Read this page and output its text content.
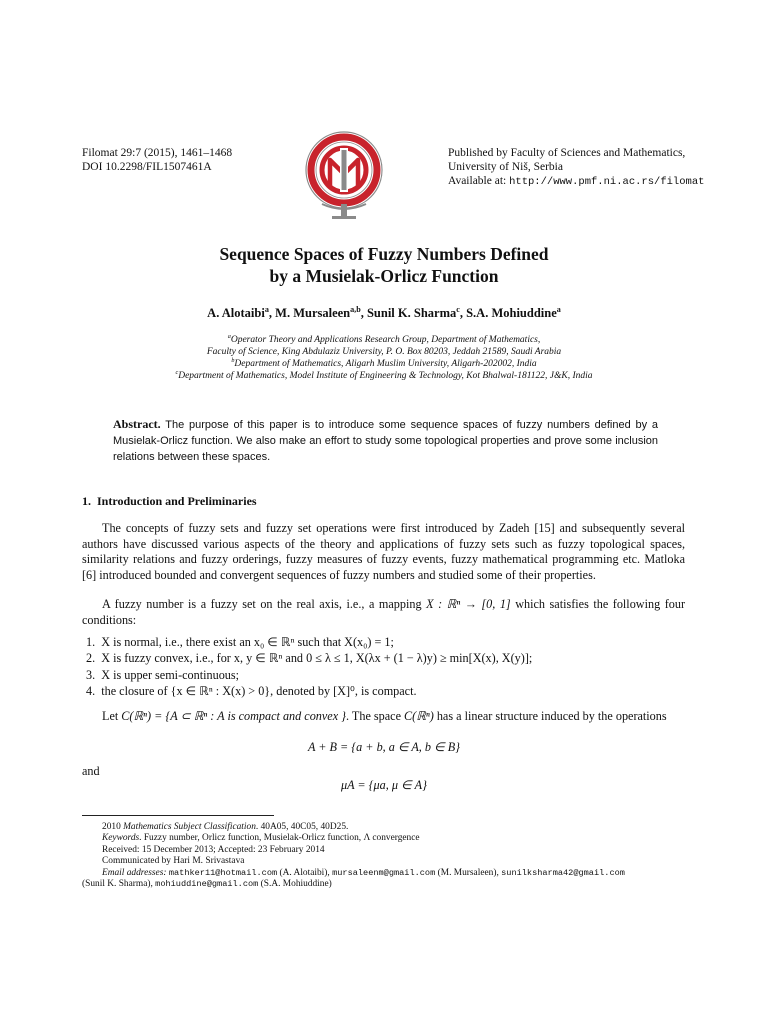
Filomat 29:7 (2015), 1461–1468
DOI 10.2298/FIL1507461A
Published by Faculty of Sciences and Mathematics,
University of Niš, Serbia
Available at: http://www.pmf.ni.ac.rs/filomat
Sequence Spaces of Fuzzy Numbers Defined
by a Musielak-Orlicz Function
A. Alotaibi$^a$, M. Mursaleen$^{a,b}$, Sunil K. Sharma$^c$, S.A. Mohiuddine$^a$
$^a$Operator Theory and Applications Research Group, Department of Mathematics,
Faculty of Science, King Abdulaziz University, P. O. Box 80203, Jeddah 21589, Saudi Arabia
$^b$Department of Mathematics, Aligarh Muslim University, Aligarh-202002, India
$^c$Department of Mathematics, Model Institute of Engineering & Technology, Kot Bhalwal-181122, J&K, India
Abstract. The purpose of this paper is to introduce some sequence spaces of fuzzy numbers defined by a Musielak-Orlicz function. We also make an effort to study some topological properties and prove some inclusion relations between these spaces.
1. Introduction and Preliminaries
The concepts of fuzzy sets and fuzzy set operations were first introduced by Zadeh [15] and subsequently several authors have discussed various aspects of the theory and applications of fuzzy sets such as fuzzy topological spaces, similarity relations and fuzzy orderings, fuzzy measures of fuzzy events, fuzzy mathematical programming etc. Matloka [6] introduced bounded and convergent sequences of fuzzy numbers and studied some of their properties.
A fuzzy number is a fuzzy set on the real axis, i.e., a mapping X : ℝⁿ → [0, 1] which satisfies the following four conditions:
1. X is normal, i.e., there exist an x₀ ∈ ℝⁿ such that X(x₀) = 1;
2. X is fuzzy convex, i.e., for x, y ∈ ℝⁿ and 0 ≤ λ ≤ 1, X(λx + (1 − λ)y) ≥ min[X(x), X(y)];
3. X is upper semi-continuous;
4. the closure of {x ∈ ℝⁿ : X(x) > 0}, denoted by [X]⁰, is compact.
Let C(ℝⁿ) = {A ⊂ ℝⁿ : A is compact and convex }. The space C(ℝⁿ) has a linear structure induced by the operations
A + B = {a + b, a ∈ A, b ∈ B}
and
μA = {μa, μ ∈ A}
2010 Mathematics Subject Classification. 40A05, 40C05, 40D25.
Keywords. Fuzzy number, Orlicz function, Musielak-Orlicz function, Λ convergence
Received: 15 December 2013; Accepted: 23 February 2014
Communicated by Hari M. Srivastava
Email addresses: mathker11@hotmail.com (A. Alotaibi), mursaleenm@gmail.com (M. Mursaleen), sunilksharma42@gmail.com
(Sunil K. Sharma), mohiuddine@gmail.com (S.A. Mohiuddine)
